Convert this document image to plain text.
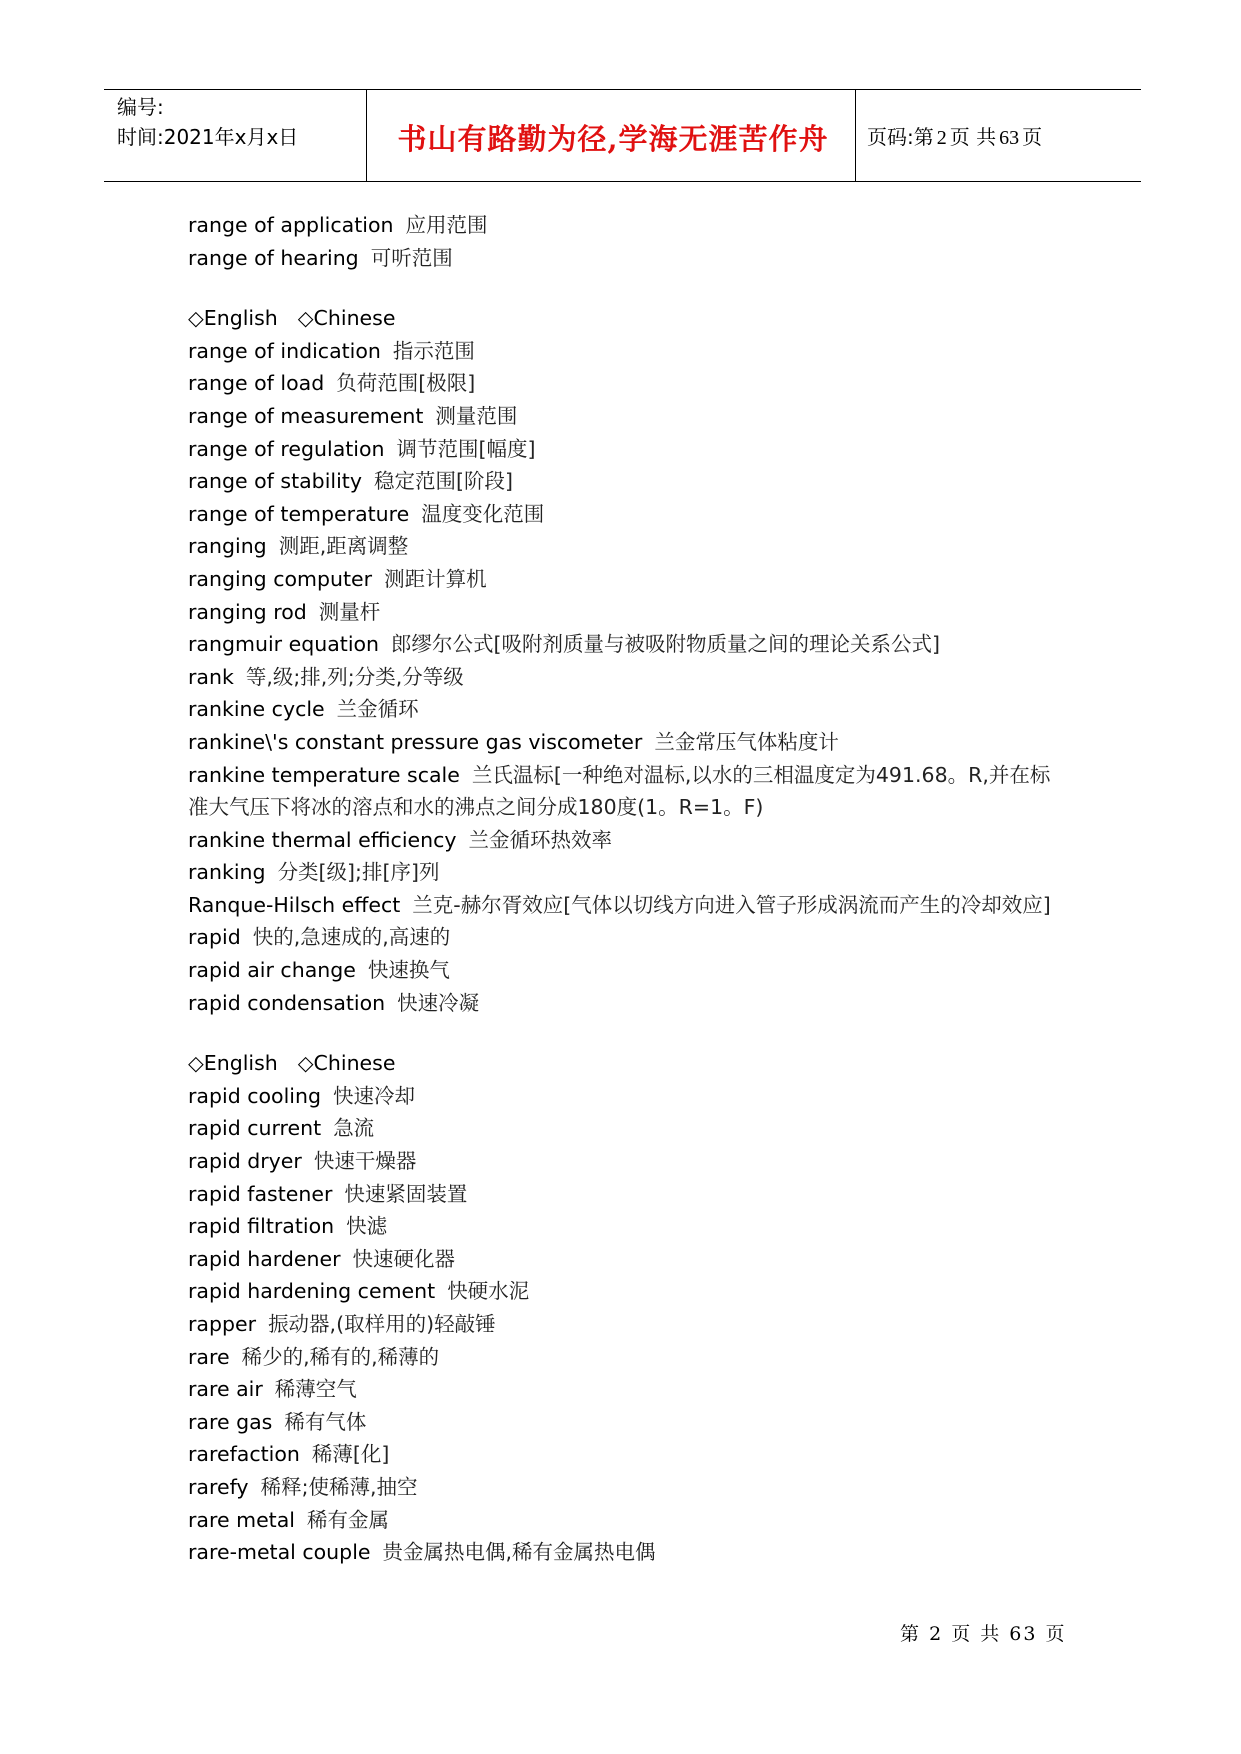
编号:
时间:2021年x月x日	书山有路勤为径,学海无涯苦作舟	页码:第 2 页 共 63 页
range of application 应用范围
range of hearing 可听范围
◇English ◇Chinese
range of indication 指示范围
range of load 负荷范围[极限]
range of measurement 测量范围
range of regulation 调节范围[幅度]
range of stability 稳定范围[阶段]
range of temperature 温度变化范围
ranging 测距,距离调整
ranging computer 测距计算机
ranging rod 测量杆
rangmuir equation 郎缪尔公式[吸附剂质量与被吸附物质量之间的理论关系公式]
rank 等,级;排,列;分类,分等级
rankine cycle 兰金循环
rankine\'s constant pressure gas viscometer 兰金常压气体粘度计
rankine temperature scale 兰氏温标[一种绝对温标,以水的三相温度定为491.68。R,并在标准大气压下将冰的溶点和水的沸点之间分成180度(1。R=1。F)
rankine thermal efficiency 兰金循环热效率
ranking 分类[级];排[序]列
Ranque-Hilsch effect 兰克-赫尔胥效应[气体以切线方向进入管子形成涡流而产生的冷却效应]
rapid 快的,急速成的,高速的
rapid air change 快速换气
rapid condensation 快速冷凝
◇English ◇Chinese
rapid cooling 快速冷却
rapid current 急流
rapid dryer 快速干燥器
rapid fastener 快速紧固装置
rapid filtration 快滤
rapid hardener 快速硬化器
rapid hardening cement 快硬水泥
rapper 振动器,(取样用的)轻敲锤
rare 稀少的,稀有的,稀薄的
rare air 稀薄空气
rare gas 稀有气体
rarefaction 稀薄[化]
rarefy 稀释;使稀薄,抽空
rare metal 稀有金属
rare-metal couple 贵金属热电偶,稀有金属热电偶
第 2 页 共 63 页
